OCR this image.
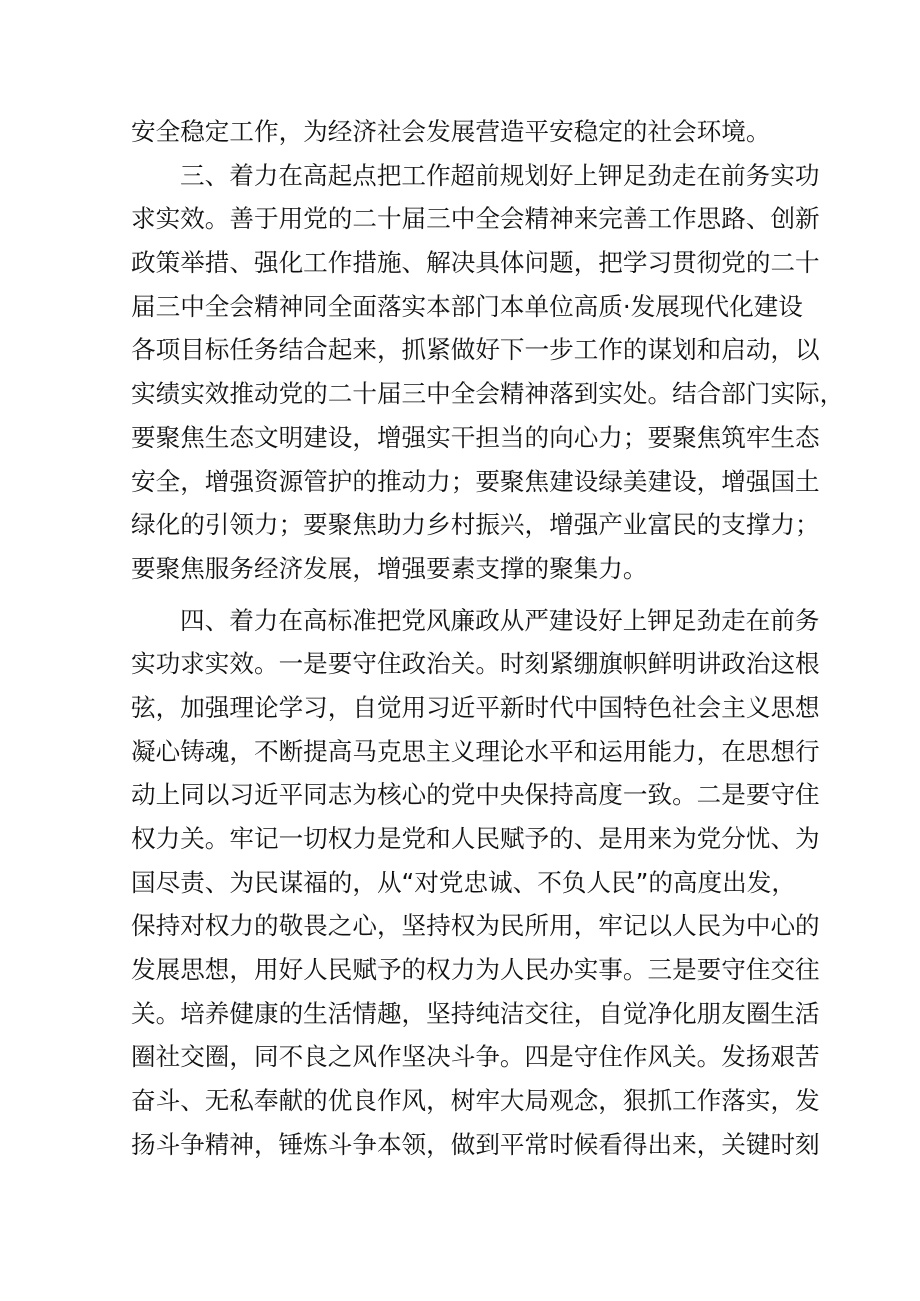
安全稳定工作，为经济社会发展营造平安稳定的社会环境。
三、着力在高起点把工作超前规划好上钾足劲走在前务实功
求实效。善于用党的二十届三中全会精神来完善工作思路、创新
政策举措、强化工作措施、解决具体问题，把学习贯彻党的二十
届三中全会精神同全面落实本部门本单位高质·发展现代化建设
各项目标任务结合起来，抓紧做好下一步工作的谋划和启动，以
实绩实效推动党的二十届三中全会精神落到实处。结合部门实际，
要聚焦生态文明建设，增强实干担当的向心力；要聚焦筑牢生态
安全，增强资源管护的推动力；要聚焦建设绿美建设，增强国土
绿化的引领力；要聚焦助力乡村振兴，增强产业富民的支撑力；
要聚焦服务经济发展，增强要素支撑的聚集力。
四、着力在高标准把党风廉政从严建设好上钾足劲走在前务
实功求实效。一是要守住政治关。时刻紧绷旗帜鲜明讲政治这根
弦，加强理论学习，自觉用习近平新时代中国特色社会主义思想
凝心铸魂，不断提高马克思主义理论水平和运用能力，在思想行
动上同以习近平同志为核心的党中央保持高度一致。二是要守住
权力关。牢记一切权力是党和人民赋予的、是用来为党分忧、为
国尽责、为民谋福的，从“对党忠诚、不负人民”的高度出发，
保持对权力的敬畏之心，坚持权为民所用，牢记以人民为中心的
发展思想，用好人民赋予的权力为人民办实事。三是要守住交往
关。培养健康的生活情趣，坚持纯洁交往，自觉净化朋友圈生活
圈社交圈，同不良之风作坚决斗争。四是守住作风关。发扬艰苦
奋斗、无私奉献的优良作风，树牢大局观念，狠抓工作落实，发
扬斗争精神，锤炼斗争本领，做到平常时候看得出来，关键时刻
